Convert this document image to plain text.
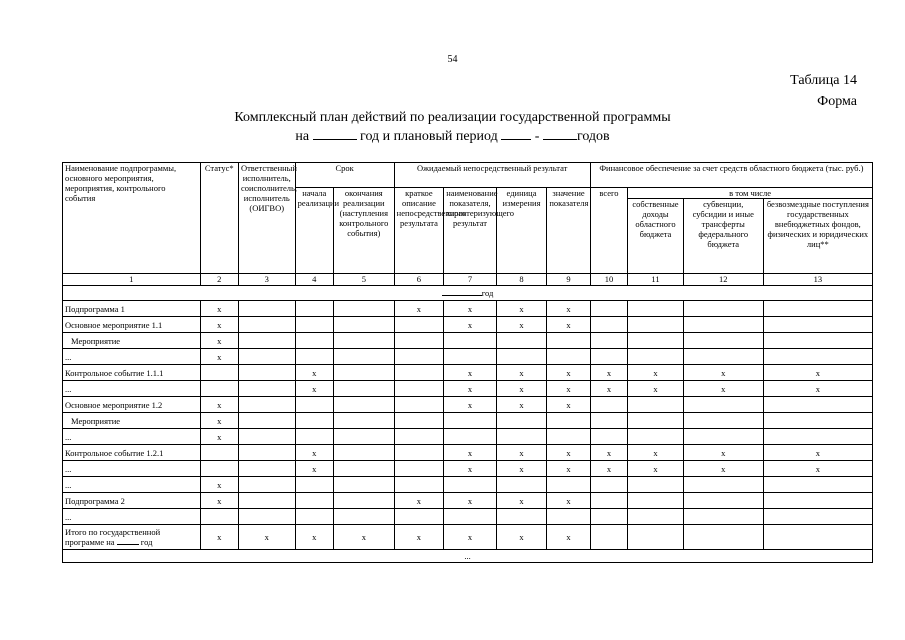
54
Таблица 14
Форма
Комплексный план действий по реализации государственной программы
на	год и плановый период	-	годов
Наименование подпрограммы, основного мероприятия, мероприятия, контрольного события	Статус*	Ответственный исполнитель, соисполнитель, исполнитель (ОИГВО)	Срок		Ожидаемый непосредственный результат				Финансовое обеспечение за счет средств областного бюджета (тыс. руб.)			
			начала реализации	окончания реализации (наступления контрольного события)	краткое описание непосредственного результата	наименование показателя, характеризующего результат	единица измерения	значение показателя	всего	в том числе		
										собственные доходы областного бюджета	субвенции, субсидии и иные трансферты федерального бюджета	безвозмездные поступления государственных внебюджетных фондов, физических и юридических лиц**
1	2	3	4	5	6	7	8	9	10	11	12	13
год												
Подпрограмма 1	x				x	x	x	x				
Основное мероприятие 1.1	x					x	x	x				
Мероприятие	x											
...	x											
Контрольное событие 1.1.1			x			x	x	x	x	x	x	x
...			x			x	x	x	x	x	x	x
Основное мероприятие 1.2	x					x	x	x				
Мероприятие	x											
...	x											
Контрольное событие 1.2.1			x			x	x	x	x	x	x	x
...			x			x	x	x	x	x	x	x
...	x											
Подпрограмма 2	x				x	x	x	x				
...												
Итого по государственной программе на год	x	x	x	x	x	x	x	x				
...												
